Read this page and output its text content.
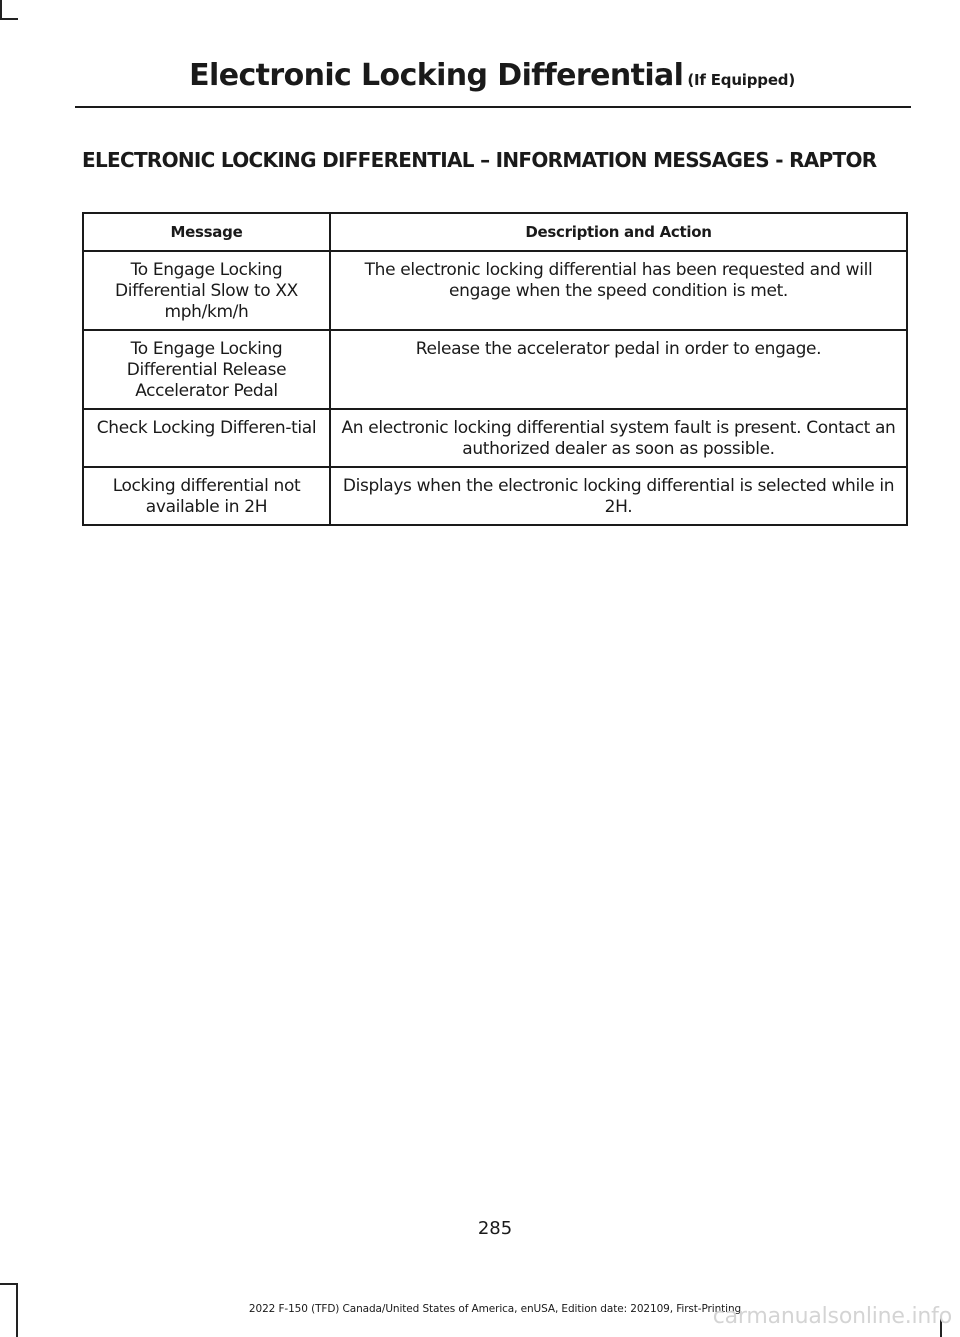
Electronic Locking Differential (If Equipped)
ELECTRONIC LOCKING DIFFERENTIAL – INFORMATION MESSAGES - RAPTOR
Message	Description and Action
To Engage Locking Differential Slow to XX mph/km/h	The electronic locking differential has been requested and will engage when the speed condition is met.
To Engage Locking Differential Release Accelerator Pedal	Release the accelerator pedal in order to engage.
Check Locking Differen-tial	An electronic locking differential system fault is present. Contact an authorized dealer as soon as possible.
Locking differential not available in 2H	Displays when the electronic locking differential is selected while in 2H.
285
2022 F-150 (TFD) Canada/United States of America, enUSA, Edition date: 202109, First-Printing
carmanualsonline.info
